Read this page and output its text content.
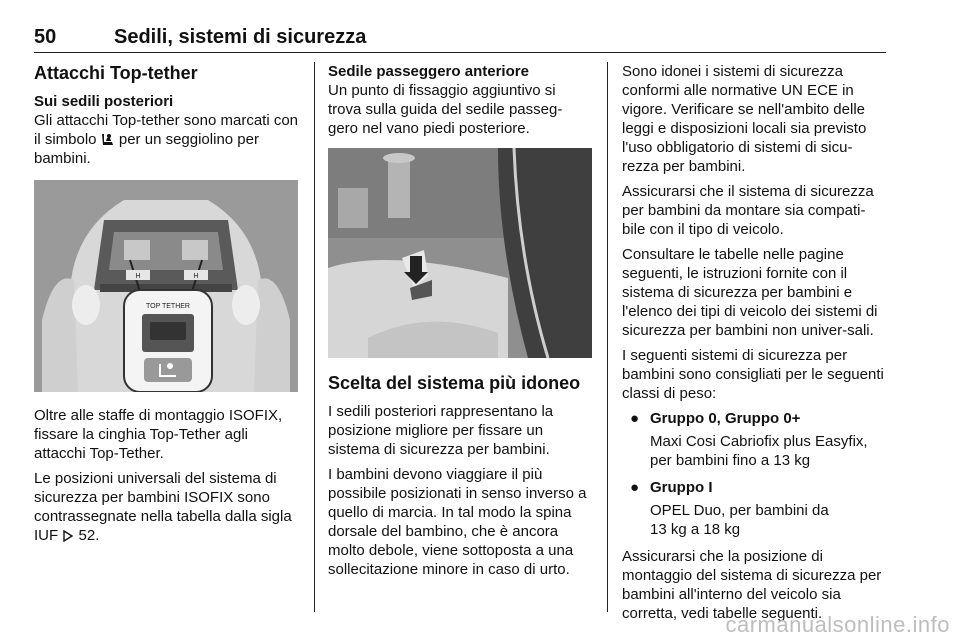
50	Sedili, sistemi di sicurezza
Attacchi Top-tether
Sui sedili posteriori

Gli attacchi Top-tether sono marcati con il simbolo per un seggiolino per bambini.

H	H
TOP TETHER

Oltre alle staffe di montaggio ISOFIX, fissare la cinghia Top-Tether agli attacchi Top-Tether.

Le posizioni universali del sistema di sicurezza per bambini ISOFIX sono contrassegnate nella tabella dalla sigla IUF 52.

Sedile passeggero anteriore

Un punto di fissaggio aggiuntivo si trova sulla guida del sedile passeg-gero nel vano piedi posteriore.

Scelta del sistema più idoneo

I sedili posteriori rappresentano la posizione migliore per fissare un sistema di sicurezza per bambini.

I bambini devono viaggiare il più possibile posizionati in senso inverso a quello di marcia. In tal modo la spina dorsale del bambino, che è ancora molto debole, viene sottoposta a una sollecitazione minore in caso di urto.

Sono idonei i sistemi di sicurezza conformi alle normative UN ECE in vigore. Verificare se nell'ambito delle leggi e disposizioni locali sia previsto l'uso obbligatorio di sistemi di sicu-rezza per bambini.

Assicurarsi che il sistema di sicurezza per bambini da montare sia compati-bile con il tipo di veicolo.

Consultare le tabelle nelle pagine seguenti, le istruzioni fornite con il sistema di sicurezza per bambini e l'elenco dei tipi di veicolo dei sistemi di sicurezza per bambini non univer-sali.

I seguenti sistemi di sicurezza per bambini sono consigliati per le seguenti classi di peso:

● Gruppo 0, Gruppo 0+
Maxi Cosi Cabriofix plus Easyfix,
per bambini fino a 13 kg
● Gruppo I
OPEL Duo, per bambini da
13 kg a 18 kg

Assicurarsi che la posizione di montaggio del sistema di sicurezza per bambini all'interno del veicolo sia corretta, vedi tabelle seguenti.

carmanualsonline.info
